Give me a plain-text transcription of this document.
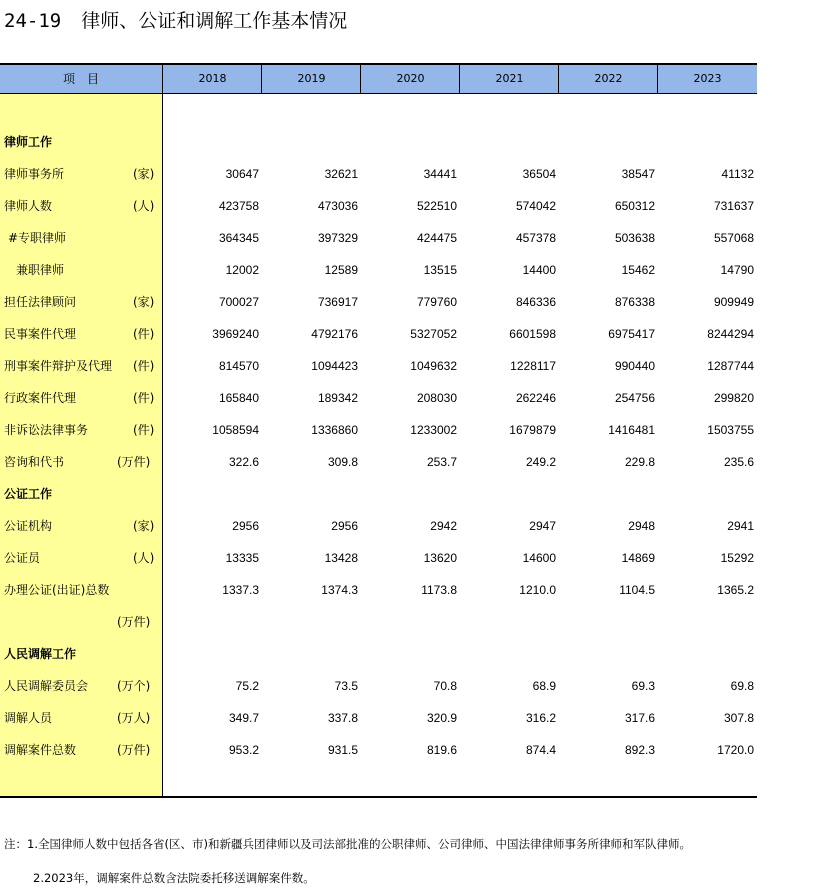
24-19 律师、公证和调解工作基本情况
项　目	2018	2019	2020	2021	2022	2023
律师工作
律师事务所	(家)	30647	32621	34441	36504	38547	41132
律师人数	(人)	423758	473036	522510	574042	650312	731637
#专职律师	364345	397329	424475	457378	503638	557068
兼职律师	12002	12589	13515	14400	15462	14790
担任法律顾问	(家)	700027	736917	779760	846336	876338	909949
民事案件代理	(件)	3969240	4792176	5327052	6601598	6975417	8244294
刑事案件辩护及代理 (件)	814570	1094423	1049632	1228117	990440	1287744
行政案件代理	(件)	165840	189342	208030	262246	254756	299820
非诉讼法律事务	(件)	1058594	1336860	1233002	1679879	1416481	1503755
咨询和代书	(万件)	322.6	309.8	253.7	249.2	229.8	235.6
公证工作
公证机构	(家)	2956	2956	2942	2947	2948	2941
公证员	(人)	13335	13428	13620	14600	14869	15292
办理公证(出证)总数	1337.3	1374.3	1173.8	1210.0	1104.5	1365.2
(万件)
人民调解工作
人民调解委员会 (万个)	75.2	73.5	70.8	68.9	69.3	69.8
调解人员	(万人)	349.7	337.8	320.9	316.2	317.6	307.8
调解案件总数	(万件)	953.2	931.5	819.6	874.4	892.3	1720.0
注：1.全国律师人数中包括各省(区、市)和新疆兵团律师以及司法部批准的公职律师、公司律师、中国法律律师事务所律师和军队律师。
2.2023年，调解案件总数含法院委托移送调解案件数。
